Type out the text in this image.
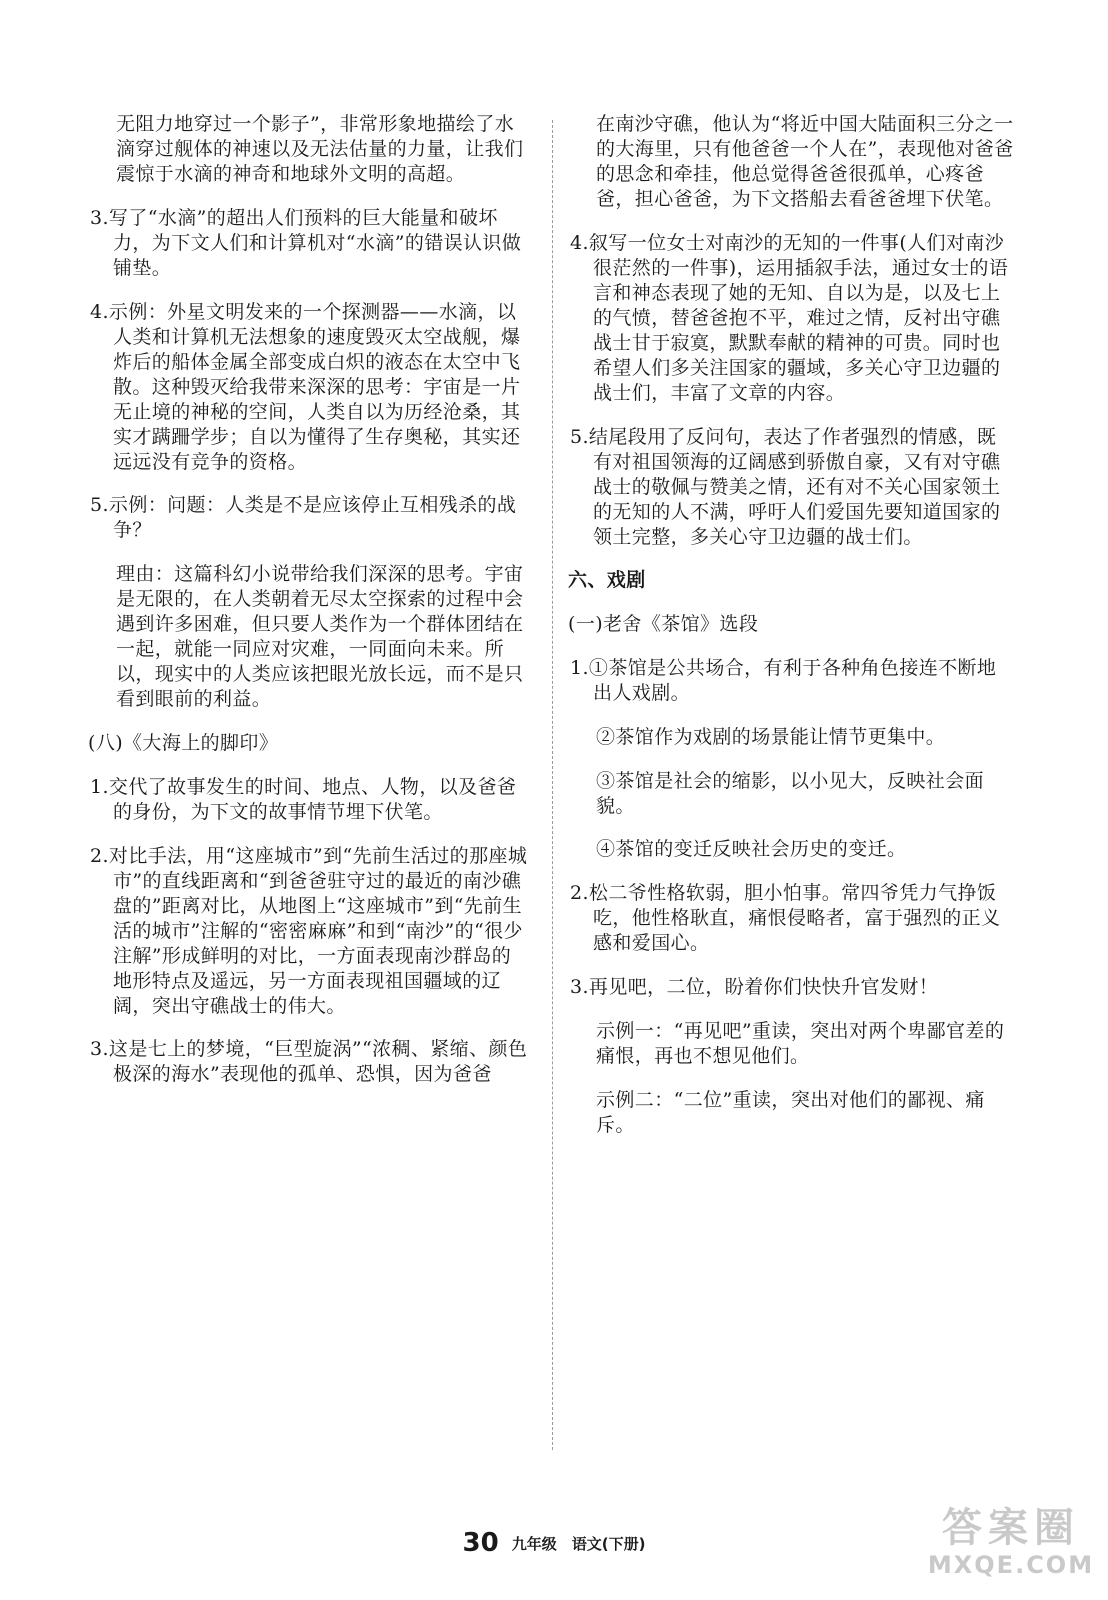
无阻力地穿过一个影子”，非常形象地描绘了水滴穿过舰体的神速以及无法估量的力量，让我们震惊于水滴的神奇和地球外文明的高超。

3.写了“水滴”的超出人们预料的巨大能量和破坏力，为下文人们和计算机对“水滴”的错误认识做铺垫。

4.示例：外星文明发来的一个探测器——水滴，以人类和计算机无法想象的速度毁灭太空战舰，爆炸后的船体金属全部变成白炽的液态在太空中飞散。这种毁灭给我带来深深的思考：宇宙是一片无止境的神秘的空间，人类自以为历经沧桑，其实才蹒跚学步；自以为懂得了生存奥秘，其实还远远没有竞争的资格。

5.示例：问题：人类是不是应该停止互相残杀的战争？

理由：这篇科幻小说带给我们深深的思考。宇宙是无限的，在人类朝着无尽太空探索的过程中会遇到许多困难，但只要人类作为一个群体团结在一起，就能一同应对灾难，一同面向未来。所以，现实中的人类应该把眼光放长远，而不是只看到眼前的利益。

(八)《大海上的脚印》

1.交代了故事发生的时间、地点、人物，以及爸爸的身份，为下文的故事情节埋下伏笔。

2.对比手法，用“这座城市”到“先前生活过的那座城市”的直线距离和“到爸爸驻守过的最近的南沙礁盘的”距离对比，从地图上“这座城市”到“先前生活的城市”注解的“密密麻麻”和到“南沙”的“很少注解”形成鲜明的对比，一方面表现南沙群岛的地形特点及遥远，另一方面表现祖国疆域的辽阔，突出守礁战士的伟大。

3.这是七上的梦境，“巨型旋涡”“浓稠、紧缩、颜色极深的海水”表现他的孤单、恐惧，因为爸爸

在南沙守礁，他认为“将近中国大陆面积三分之一的大海里，只有他爸爸一个人在”，表现他对爸爸的思念和牵挂，他总觉得爸爸很孤单，心疼爸爸，担心爸爸，为下文搭船去看爸爸埋下伏笔。

4.叙写一位女士对南沙的无知的一件事(人们对南沙很茫然的一件事)，运用插叙手法，通过女士的语言和神态表现了她的无知、自以为是，以及七上的气愤，替爸爸抱不平，难过之情，反衬出守礁战士甘于寂寞，默默奉献的精神的可贵。同时也希望人们多关注国家的疆域，多关心守卫边疆的战士们，丰富了文章的内容。

5.结尾段用了反问句，表达了作者强烈的情感，既有对祖国领海的辽阔感到骄傲自豪，又有对守礁战士的敬佩与赞美之情，还有对不关心国家领土的无知的人不满，呼吁人们爱国先要知道国家的领土完整，多关心守卫边疆的战士们。

六、戏剧

(一)老舍《茶馆》选段

1.①茶馆是公共场合，有利于各种角色接连不断地出人戏剧。

②茶馆作为戏剧的场景能让情节更集中。

③茶馆是社会的缩影，以小见大，反映社会面貌。

④茶馆的变迁反映社会历史的变迁。

2.松二爷性格软弱，胆小怕事。常四爷凭力气挣饭吃，他性格耿直，痛恨侵略者，富于强烈的正义感和爱国心。

3.再见吧，二位，盼着你们快快升官发财！

示例一：“再见吧”重读，突出对两个卑鄙官差的痛恨，再也不想见他们。

示例二：“二位”重读，突出对他们的鄙视、痛斥。

30 九年级　语文(下册)	答案圈
MXQE.COM
